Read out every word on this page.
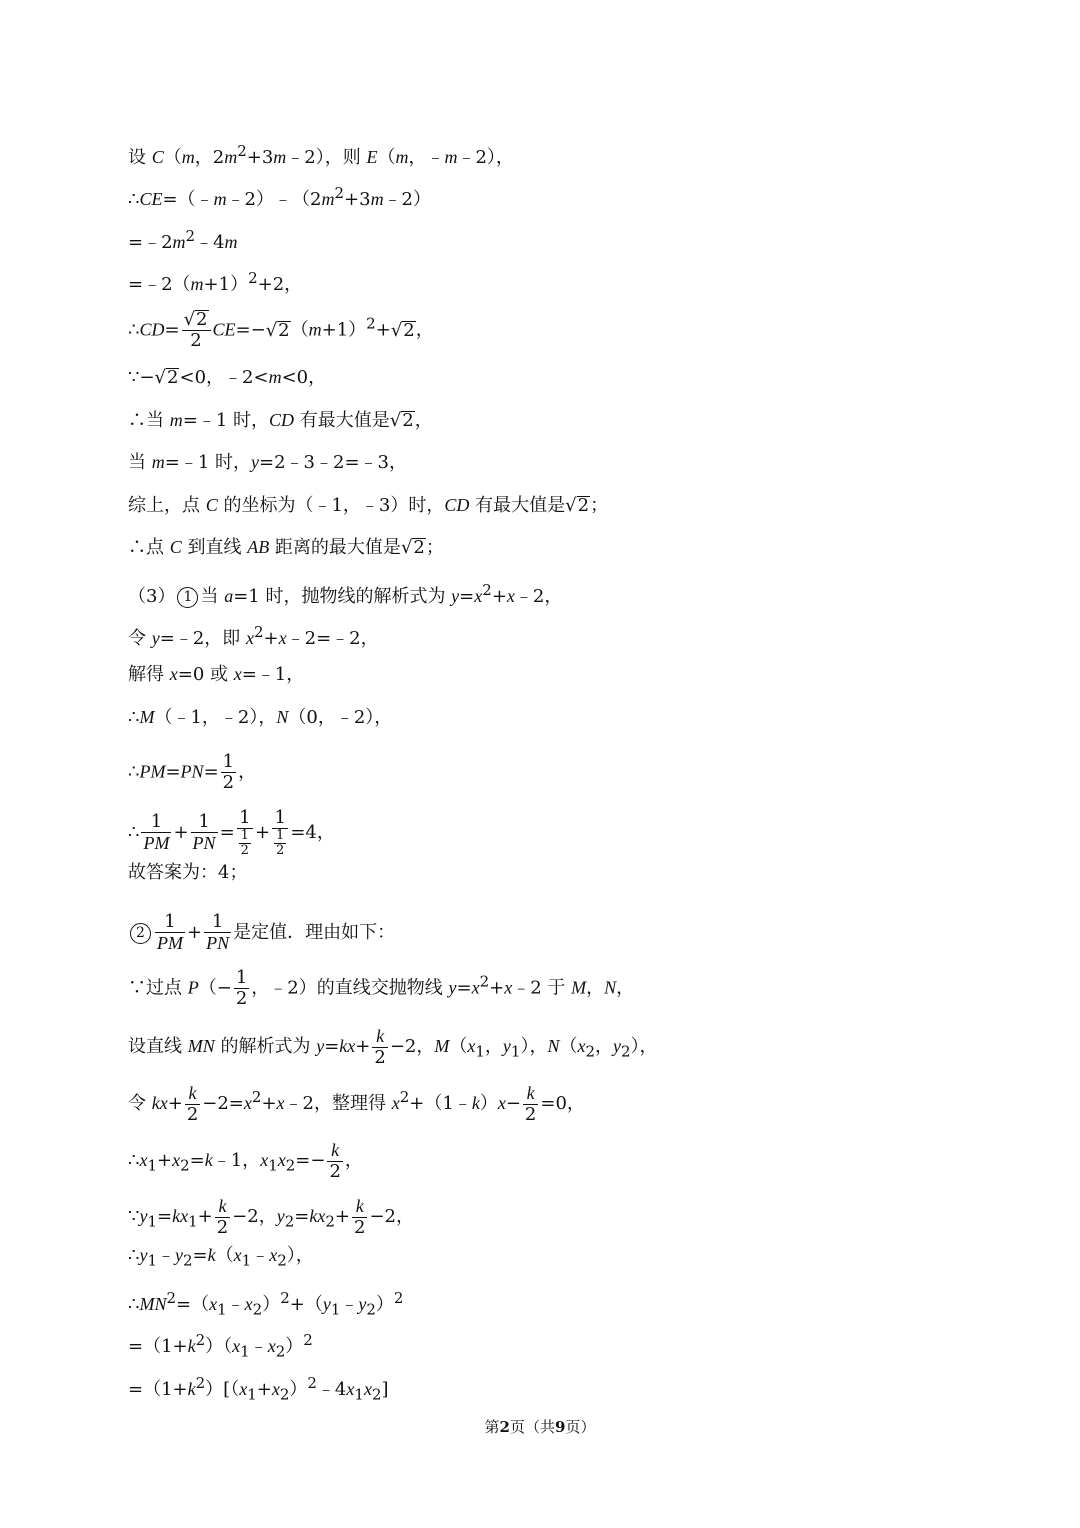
设 C（m，$2m^2+3m﹣2$），则 E（m，﹣m﹣2），
$\therefore CE=(﹣m﹣2)﹣(2m^2+3m﹣2)$
$=﹣2m^2﹣4m$
$=﹣2(m+1)^2+2$，
∴CD= $\frac{√2}{2} CE=-√2(m+1)^2+√2$，
∵−√2<0，﹣2<m<0，
∴当 m=﹣1 时，CD 有最大值是√2，
当 m=﹣1 时，y=2﹣3﹣2=﹣3，
综上，点 C 的坐标为（﹣1，﹣3）时，CD 有最大值是√2；
∴点 C 到直线 AB 距离的最大值是√2；
（3） 1 当 a=1 时，抛物线的解析式为 $y=x^2+x﹣2$，
令 y=﹣2，即 $x^2+x﹣2=﹣2$，
解得 x=0 或 x=﹣1，
∴M（﹣1，﹣2），N（0，﹣2），
∴PM=PN= $\frac{1}{2}$ ，
∴ $\frac{1}{PM} + \frac{1}{PN} = \frac{1}{\frac{1}{2}} + \frac{1}{\frac{1}{2}} =4$，
故答案为：4；
$2 \frac{1}{PM} + \frac{1}{PN}$ 是定值．理由如下：
∵过点 $P(- \frac{1}{2}$ ，﹣2）的直线交抛物线 $y=x^2+x﹣2$ 于 M，N，
设直线 MN 的解析式为 $y=kx+ \frac{k}{2} -2$，$M(x_1$，$y_1$），$N(x_2$，$y_2$），
令 $kx+ \frac{k}{2}$ $-2=x^2+x﹣2$，整理得 $x^2+(1﹣k)x- \frac{k}{2} =0$，
$\therefore x_1+x_2=k﹣1$，$x_1x_2=- \frac{k}{2}$ ，
$\because y_1=kx_1+ \frac{k}{2} -2$，$y_2=kx_2+ \frac{k}{2} -2$，
$\therefore y_1﹣y_2=k(x_1﹣x_2)$，
$\therefore MN^2=(x_1﹣x_2)^2+(y_1﹣y_2)^2$
$=(1+k^2)(x_1﹣x_2)^2$
$=(1+k^2)[(x_1+x_2)^2﹣4x_1x_2]$
第2页（共9页）
